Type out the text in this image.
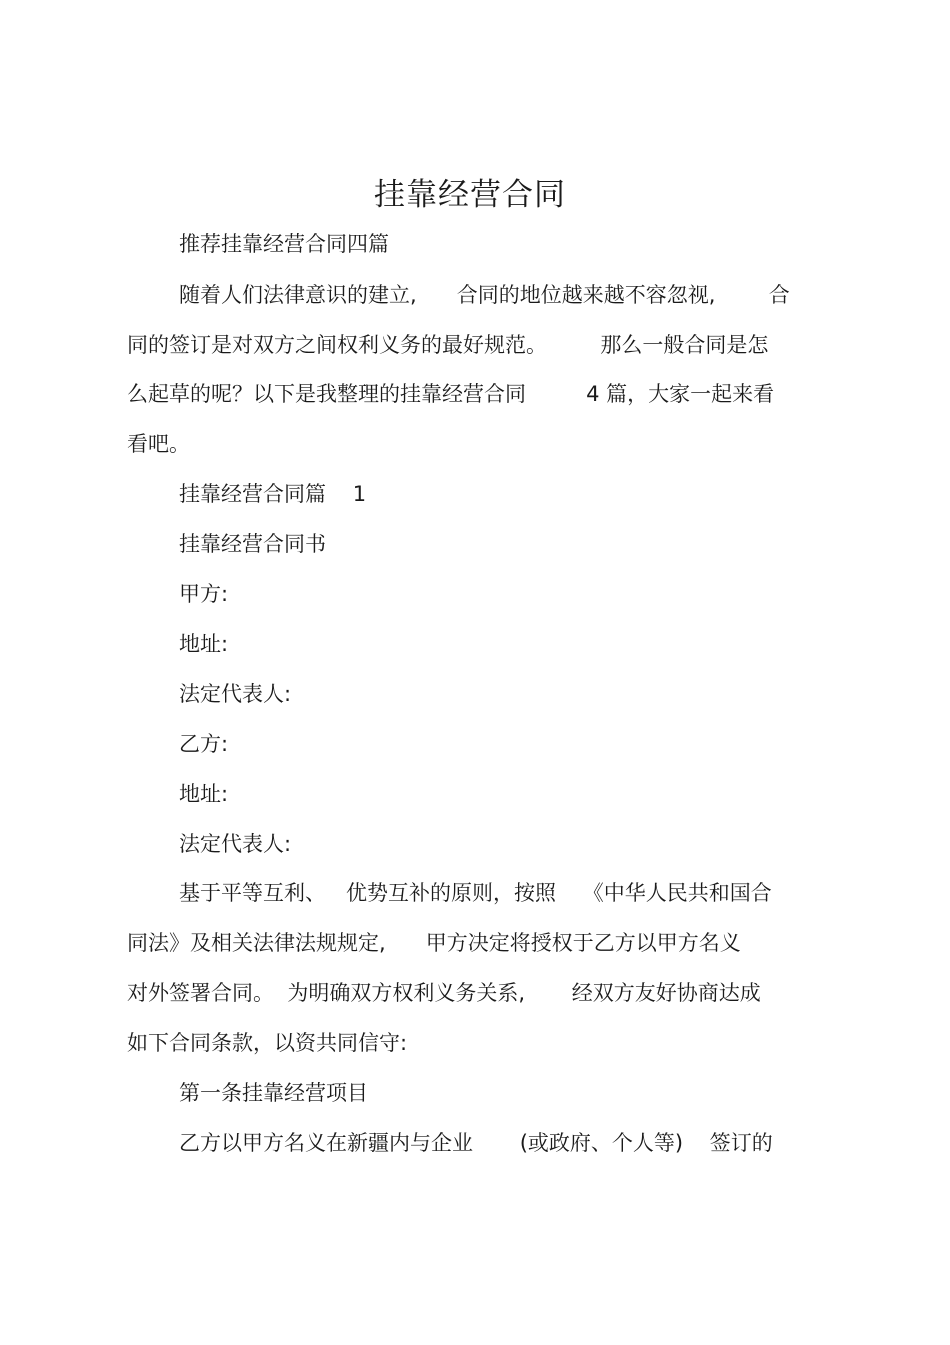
挂靠经营合同
推荐挂靠经营合同四篇
随着人们法律意识的建立,      合同的地位越来越不容忽视,        合
同的签订是对双方之间权利义务的最好规范。        那么一般合同是怎
么起草的呢？以下是我整理的挂靠经营合同         4 篇，大家一起来看
看吧。
挂靠经营合同篇    1
挂靠经营合同书
甲方:
地址:
法定代表人:
乙方:
地址:
法定代表人:
基于平等互利、   优势互补的原则，按照    《中华人民共和国合
同法》及相关法律法规规定,      甲方决定将授权于乙方以甲方名义
对外签署合同。  为明确双方权利义务关系,       经双方友好协商达成
如下合同条款，以资共同信守:
第一条挂靠经营项目
乙方以甲方名义在新疆内与企业       (或政府、个人等)    签订的
